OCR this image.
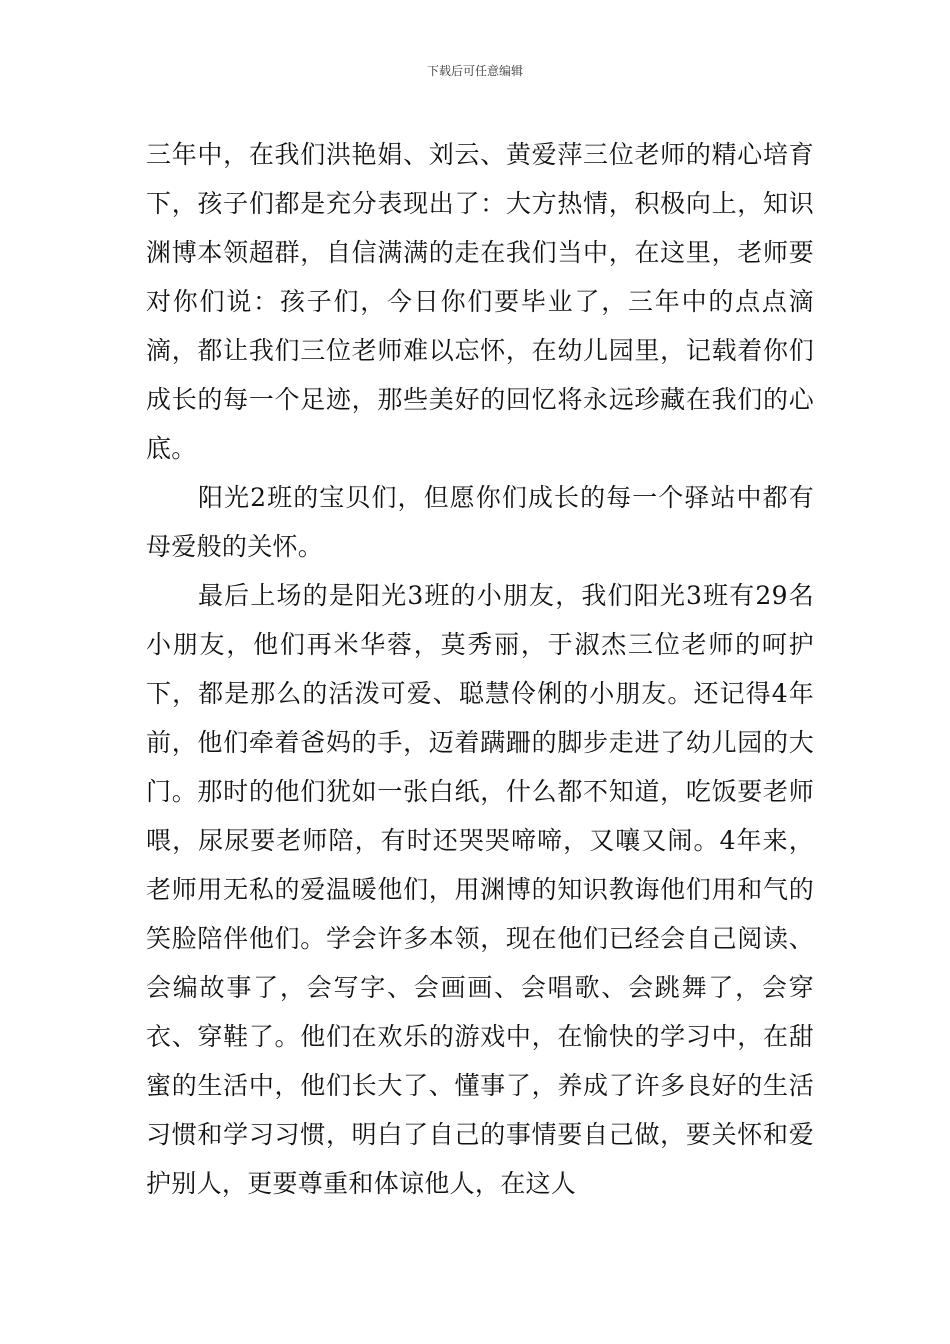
下载后可任意编辑

三年中，在我们洪艳娟、刘云、黄爱萍三位老师的精心培育下，孩子们都是充分表现出了：大方热情，积极向上，知识渊博本领超群，自信满满的走在我们当中，在这里，老师要对你们说：孩子们，今日你们要毕业了，三年中的点点滴滴，都让我们三位老师难以忘怀，在幼儿园里，记载着你们成长的每一个足迹，那些美好的回忆将永远珍藏在我们的心底。

阳光2班的宝贝们，但愿你们成长的每一个驿站中都有母爱般的关怀。

最后上场的是阳光3班的小朋友，我们阳光3班有29名小朋友，他们再米华蓉，莫秀丽，于淑杰三位老师的呵护下，都是那么的活泼可爱、聪慧伶俐的小朋友。还记得4年前，他们牵着爸妈的手，迈着蹒跚的脚步走进了幼儿园的大门。那时的他们犹如一张白纸，什么都不知道，吃饭要老师喂，尿尿要老师陪，有时还哭哭啼啼，又嚷又闹。4年来，老师用无私的爱温暖他们，用渊博的知识教诲他们用和气的笑脸陪伴他们。学会许多本领，现在他们已经会自己阅读、会编故事了，会写字、会画画、会唱歌、会跳舞了，会穿衣、穿鞋了。他们在欢乐的游戏中，在愉快的学习中，在甜蜜的生活中，他们长大了、懂事了，养成了许多良好的生活习惯和学习习惯，明白了自己的事情要自己做，要关怀和爱护别人，更要尊重和体谅他人，在这人
